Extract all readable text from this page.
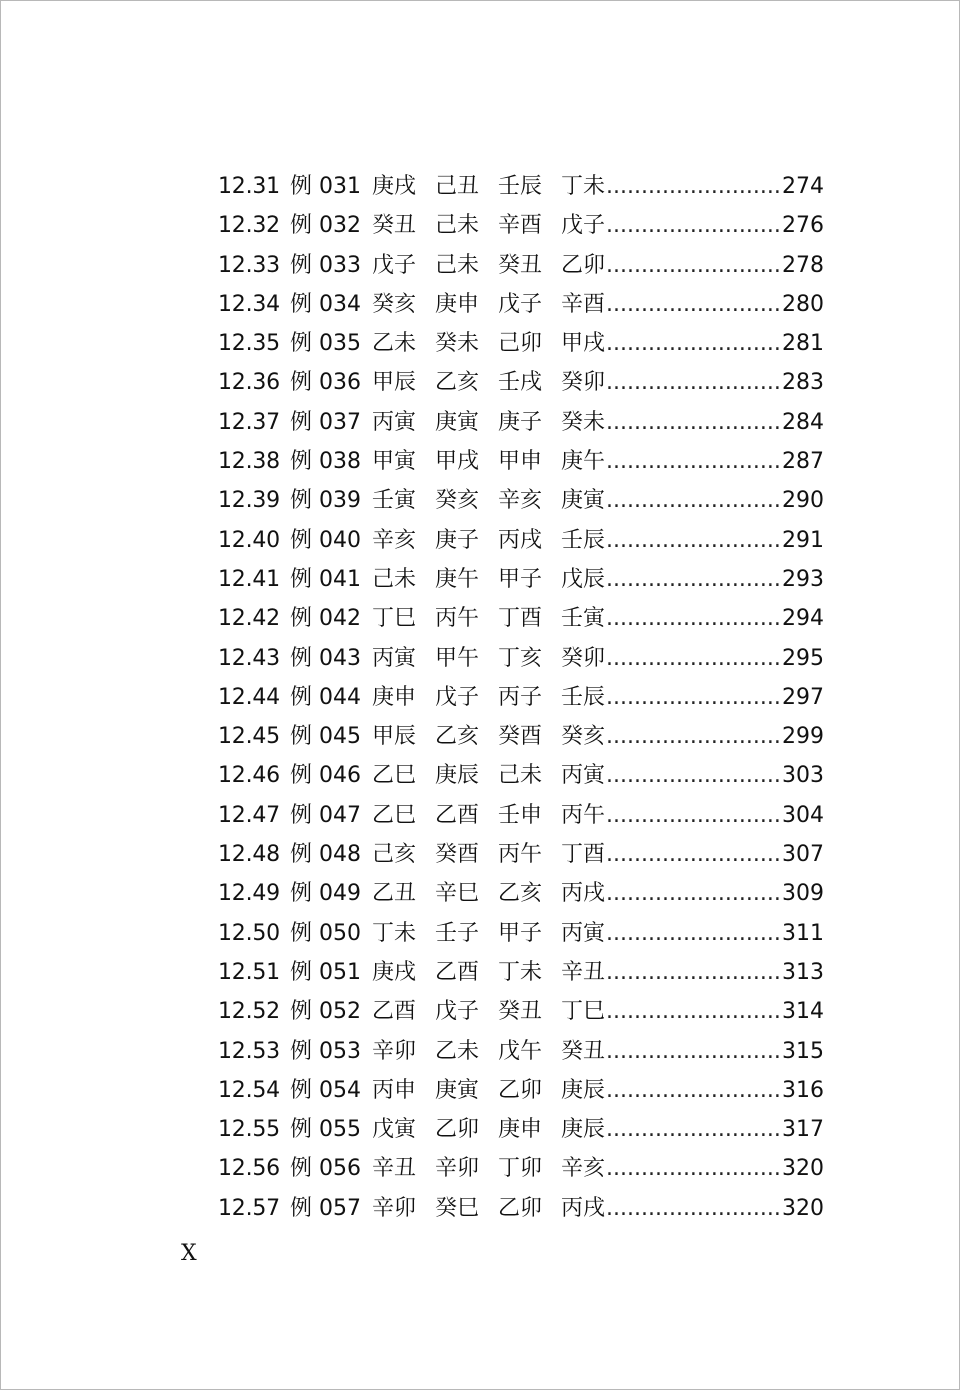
12.31 例 031 庚戌 己丑 壬辰 丁未 .....	274
12.32 例 032 癸丑 己未 辛酉 戊子 .....	276
12.33 例 033 戊子 己未 癸丑 乙卯 .....	278
12.34 例 034 癸亥 庚申 戊子 辛酉 .....	280
12.35 例 035 乙未 癸未 己卯 甲戌 .....	281
12.36 例 036 甲辰 乙亥 壬戌 癸卯 .....	283
12.37 例 037 丙寅 庚寅 庚子 癸未 .....	284
12.38 例 038 甲寅 甲戌 甲申 庚午 .....	287
12.39 例 039 壬寅 癸亥 辛亥 庚寅 .....	290
12.40 例 040 辛亥 庚子 丙戌 壬辰 .....	291
12.41 例 041 己未 庚午 甲子 戊辰 .....	293
12.42 例 042 丁巳 丙午 丁酉 壬寅 .....	294
12.43 例 043 丙寅 甲午 丁亥 癸卯 .....	295
12.44 例 044 庚申 戊子 丙子 壬辰 .....	297
12.45 例 045 甲辰 乙亥 癸酉 癸亥 .....	299
12.46 例 046 乙巳 庚辰 己未 丙寅 .....	303
12.47 例 047 乙巳 乙酉 壬申 丙午 .....	304
12.48 例 048 己亥 癸酉 丙午 丁酉 .....	307
12.49 例 049 乙丑 辛巳 乙亥 丙戌 .....	309
12.50 例 050 丁未 壬子 甲子 丙寅 .....	311
12.51 例 051 庚戌 乙酉 丁未 辛丑 .....	313
12.52 例 052 乙酉 戊子 癸丑 丁巳 .....	314
12.53 例 053 辛卯 乙未 戊午 癸丑 .....	315
12.54 例 054 丙申 庚寅 乙卯 庚辰 .....	316
12.55 例 055 戊寅 乙卯 庚申 庚辰 .....	317
12.56 例 056 辛丑 辛卯 丁卯 辛亥 .....	320
12.57 例 057 辛卯 癸巳 乙卯 丙戌 .....	320
X
